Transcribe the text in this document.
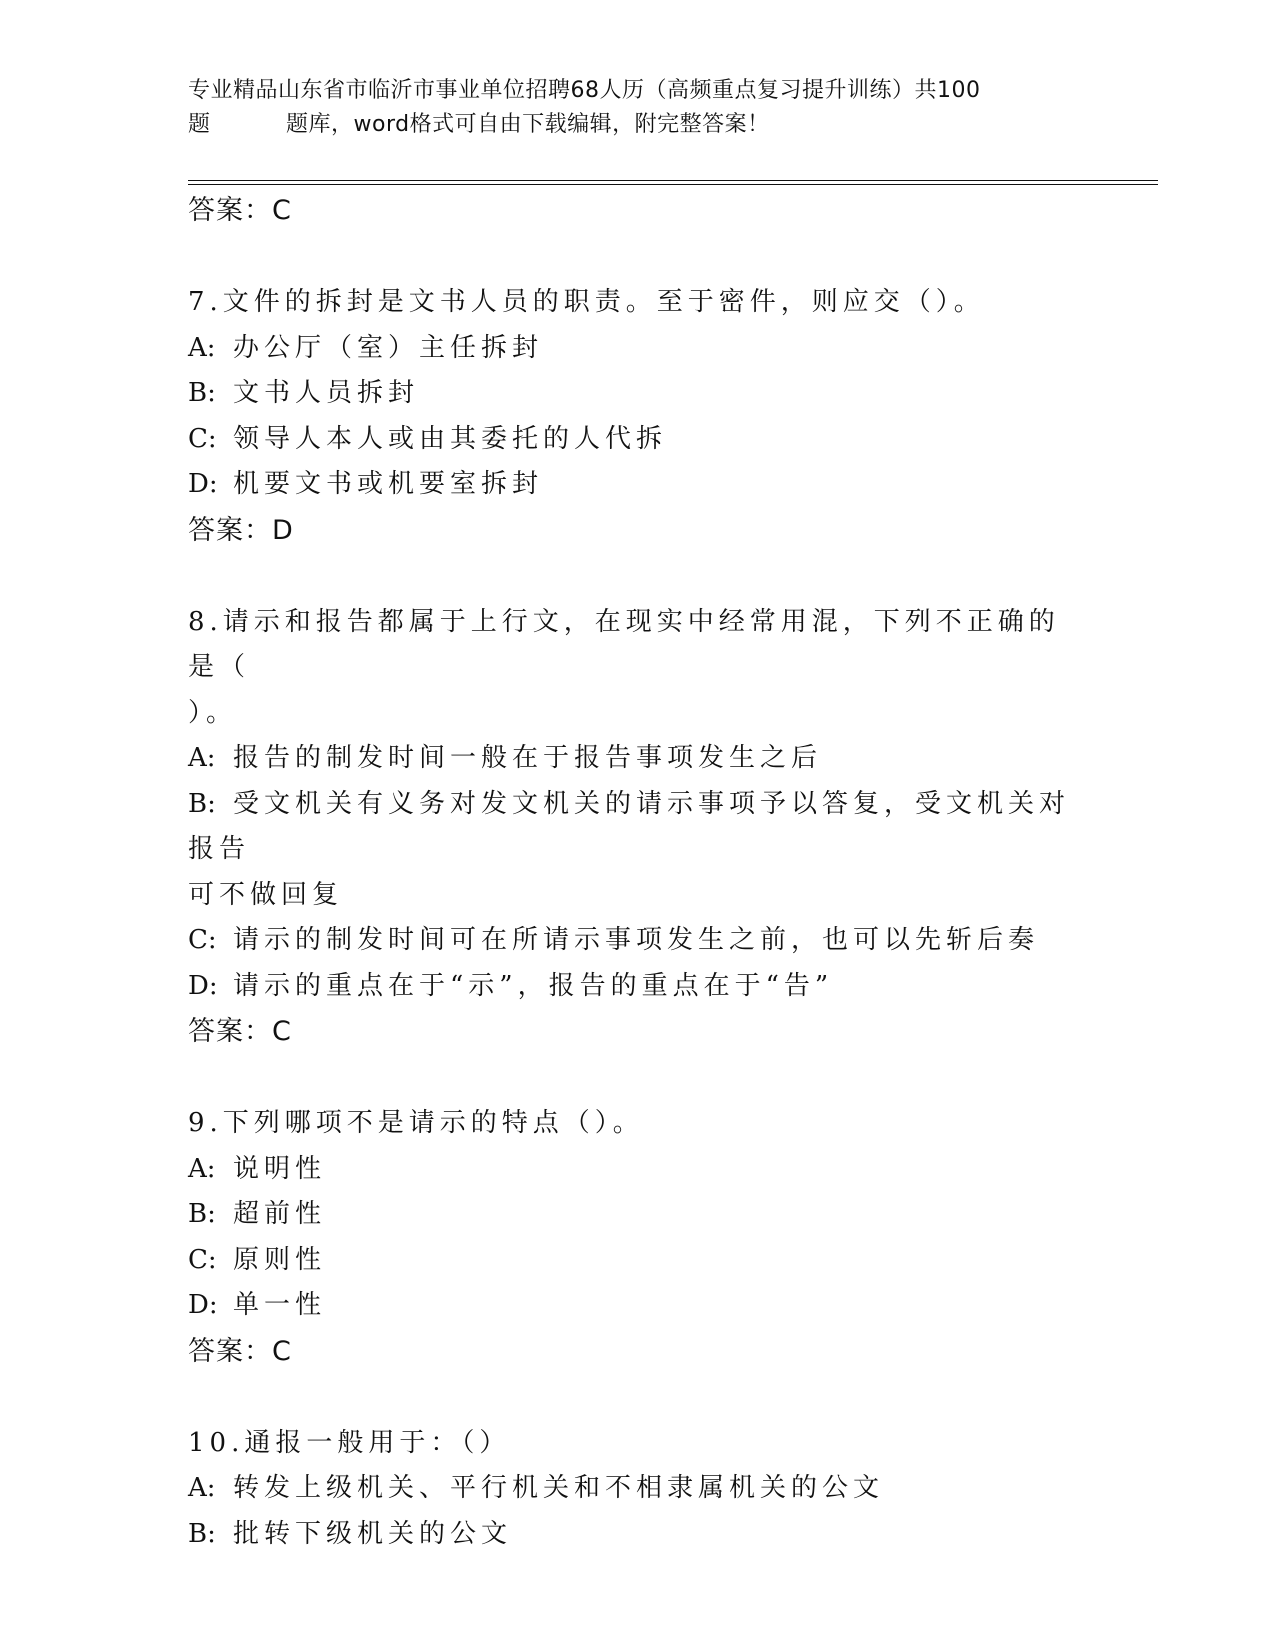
专业精品山东省市临沂市事业单位招聘68人历（高频重点复习提升训练）共100
题	题库，word格式可自由下载编辑，附完整答案！
答案：C
7.文件的拆封是文书人员的职责。至于密件，则应交（）。
A: 办公厅（室）主任拆封
B: 文书人员拆封
C: 领导人本人或由其委托的人代拆
D: 机要文书或机要室拆封
答案：D
8.请示和报告都属于上行文，在现实中经常用混，下列不正确的是（
）。
A: 报告的制发时间一般在于报告事项发生之后
B: 受文机关有义务对发文机关的请示事项予以答复，受文机关对报告
可不做回复
C: 请示的制发时间可在所请示事项发生之前，也可以先斩后奏
D: 请示的重点在于“示”，报告的重点在于“告”
答案：C
9.下列哪项不是请示的特点（）。
A: 说明性
B: 超前性
C: 原则性
D: 单一性
答案：C
10.通报一般用于：（）
A: 转发上级机关、平行机关和不相隶属机关的公文
B: 批转下级机关的公文
